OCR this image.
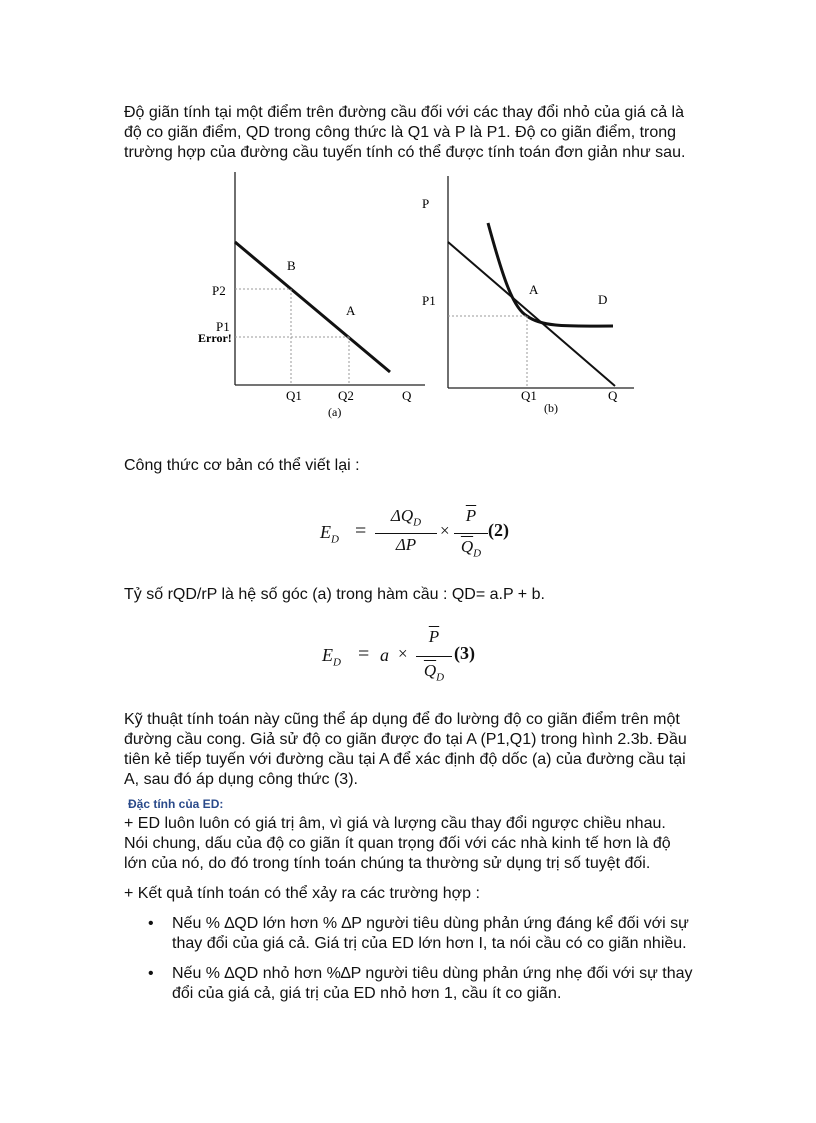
Độ giãn tính tại một điểm trên đường cầu đối với các thay đổi nhỏ của giá cả là
độ co giãn điểm, QD trong công thức là Q1 và P là P1. Độ co giãn điểm, trong
trường hợp của đường cầu tuyến tính có thể được tính toán đơn giản như sau.
P2
P1
Error!
B
A
Q1	Q2	Q
(a)
P
P1
A
D
Q1	Q
(b)
Công thức cơ bản có thể viết lại :
$E_D$ =
$\Delta Q_D$
ΔP
×
$\overline{P}$
$\overline{Q}_D$
(2)
Tỷ số rQD/rP là hệ số góc (a) trong hàm cầu : QD= a.P + b.
$E_D = a$ ×
$\overline{P}$
$\overline{Q}_D$
(3)
Kỹ thuật tính toán này cũng thể áp dụng để đo lường độ co giãn điểm trên một
đường cầu cong. Giả sử độ co giãn được đo tại A (P1,Q1) trong hình 2.3b. Đầu
tiên kẻ tiếp tuyến với đường cầu tại A để xác định độ dốc (a) của đường cầu tại
A, sau đó áp dụng công thức (3).
Đặc tính của ED:
+ ED luôn luôn có giá trị âm, vì giá và lượng cầu thay đổi ngược chiều nhau.
Nói chung, dấu của độ co giãn ít quan trọng đối với các nhà kinh tế hơn là độ
lớn của nó, do đó trong tính toán chúng ta thường sử dụng trị số tuyệt đối.
+ Kết quả tính toán có thể xảy ra các trường hợp :
• Nếu % ∆QD lớn hơn % ∆P người tiêu dùng phản ứng đáng kể đối với sự
thay đổi của giá cả. Giá trị của ED lớn hơn I, ta nói cầu có co giãn nhiều.
• Nếu % ∆QD nhỏ hơn %∆P người tiêu dùng phản ứng nhẹ đối với sự thay
đổi của giá cả, giá trị của ED nhỏ hơn 1, cầu ít co giãn.
